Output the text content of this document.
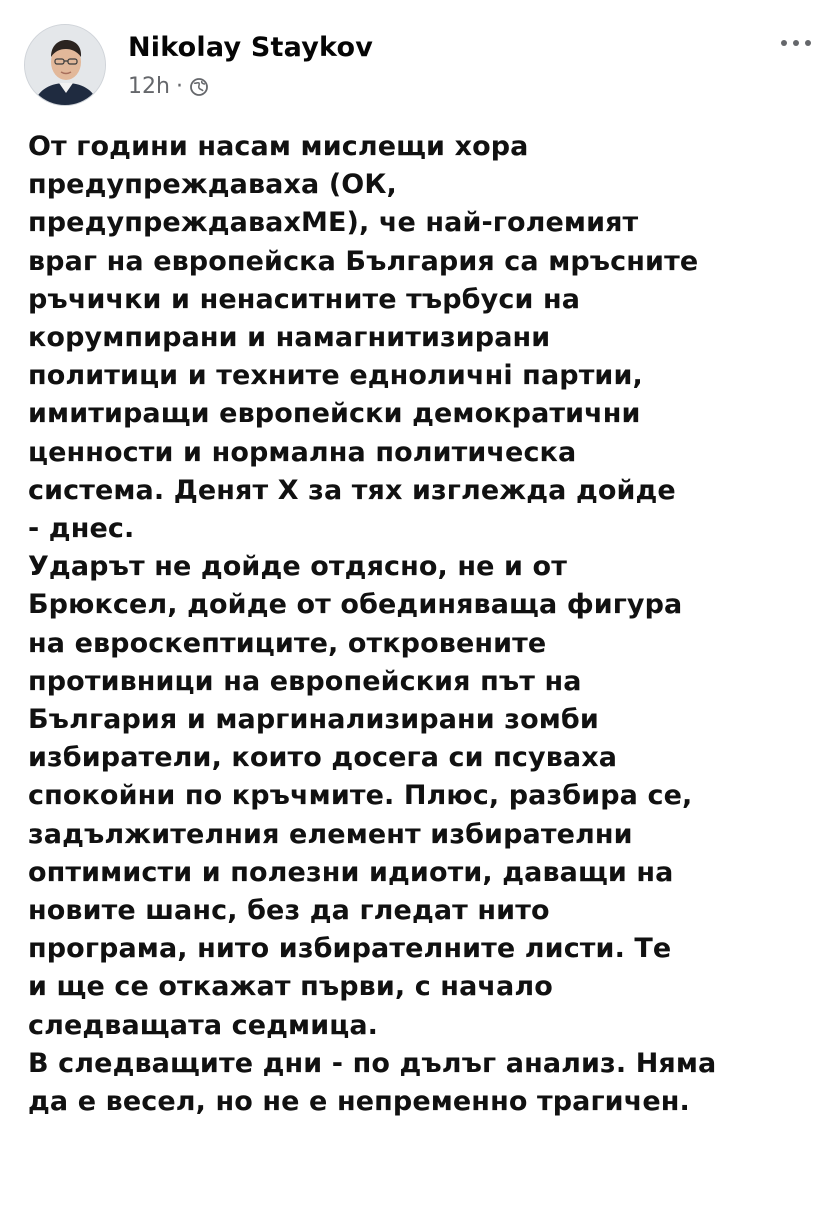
Nikolay Staykov
12h ·

От години насам мислещи хора
предупреждаваха (ОК,
предупреждавахМЕ), че най-големият
враг на европейска България са мръсните
ръчички и ненаситните търбуси на
корумпирани и намагнитизирани
политици и техните едноличнi партии,
имитиращи европейски демократични
ценности и нормална политическа
система. Денят Х за тях изглежда дойде
- днес.

Ударът не дойде отдясно, не и от
Брюксел, дойде от обединяваща фигура
на евроскептиците, откровените
противници на европейския път на
България и маргинализирани зомби
избиратели, които досега си псуваха
спокойни по кръчмите. Плюс, разбира се,
задължителния елемент избирателни
оптимисти и полезни идиоти, даващи на
новите шанс, без да гледат нито
програма, нито избирателните листи. Те
и ще се откажат първи, с начало
следващата седмица.

В следващите дни - по дълъг анализ. Няма
да е весел, но не е непременно трагичен.
